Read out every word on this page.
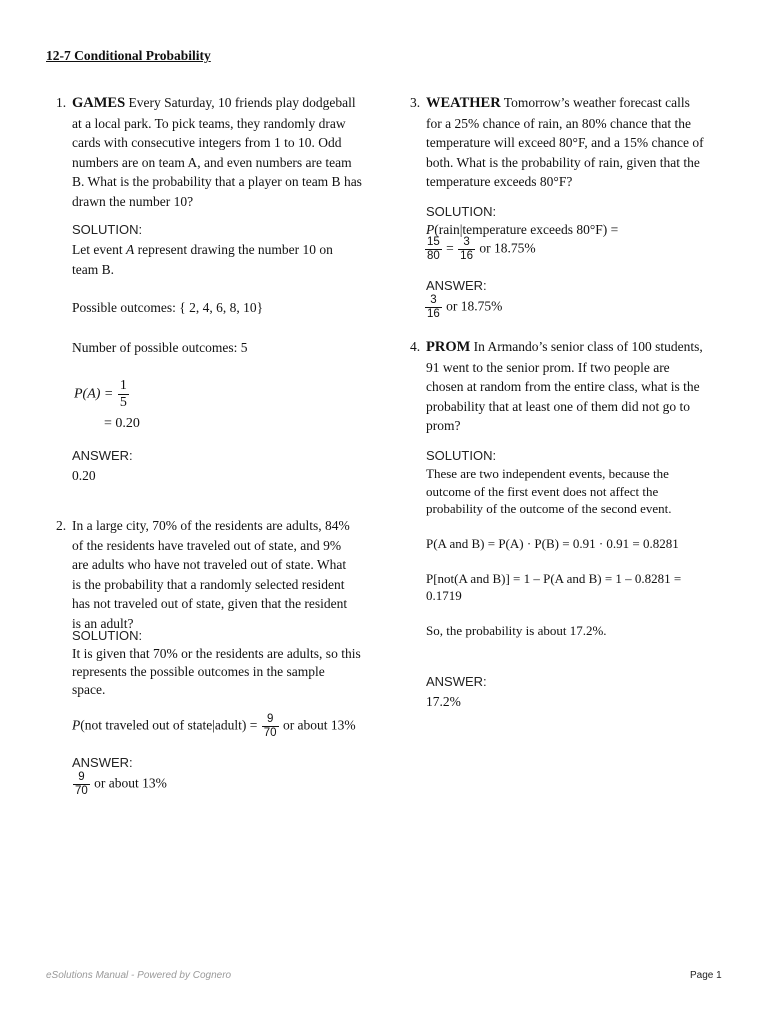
12-7 Conditional Probability
1. GAMES Every Saturday, 10 friends play dodgeball
at a local park. To pick teams, they randomly draw
cards with consecutive integers from 1 to 10. Odd
numbers are on team A, and even numbers are team
B. What is the probability that a player on team B has
drawn the number 10?
SOLUTION:
Let event A represent drawing the number 10 on
team B.
Possible outcomes: { 2, 4, 6, 8, 10}
Number of possible outcomes: 5
$P(A) = \frac{1}{5}$
= 0.20
ANSWER:
0.20
2. In a large city, 70% of the residents are adults, 84%
of the residents have traveled out of state, and 9%
are adults who have not traveled out of state. What
is the probability that a randomly selected resident
has not traveled out of state, given that the resident
is an adult?
SOLUTION:
It is given that 70% or the residents are adults, so this
represents the possible outcomes in the sample
space.
P(not traveled out of state|adult) = $\frac{9}{70}$ or about 13%
ANSWER:
$\frac{9}{70}$ or about 13%
3. WEATHER Tomorrow’s weather forecast calls
for a 25% chance of rain, an 80% chance that the
temperature will exceed 80°F, and a 15% chance of
both. What is the probability of rain, given that the
temperature exceeds 80°F?
SOLUTION:
P(rain|temperature exceeds 80°F) =
$\frac{15}{80} = \frac{3}{16}$ or 18.75%
ANSWER:
$\frac{3}{16}$ or 18.75%
4. PROM In Armando’s senior class of 100 students,
91 went to the senior prom. If two people are
chosen at random from the entire class, what is the
probability that at least one of them did not go to
prom?
SOLUTION:
These are two independent events, because the
outcome of the first event does not affect the
probability of the outcome of the second event.
P(A and B) = P(A) · P(B) = 0.91 · 0.91 = 0.8281
P[not(A and B)] = 1 – P(A and B) = 1 – 0.8281 =
0.1719
So, the probability is about 17.2%.
ANSWER:
17.2%
eSolutions Manual - Powered by Cognero	Page 1
